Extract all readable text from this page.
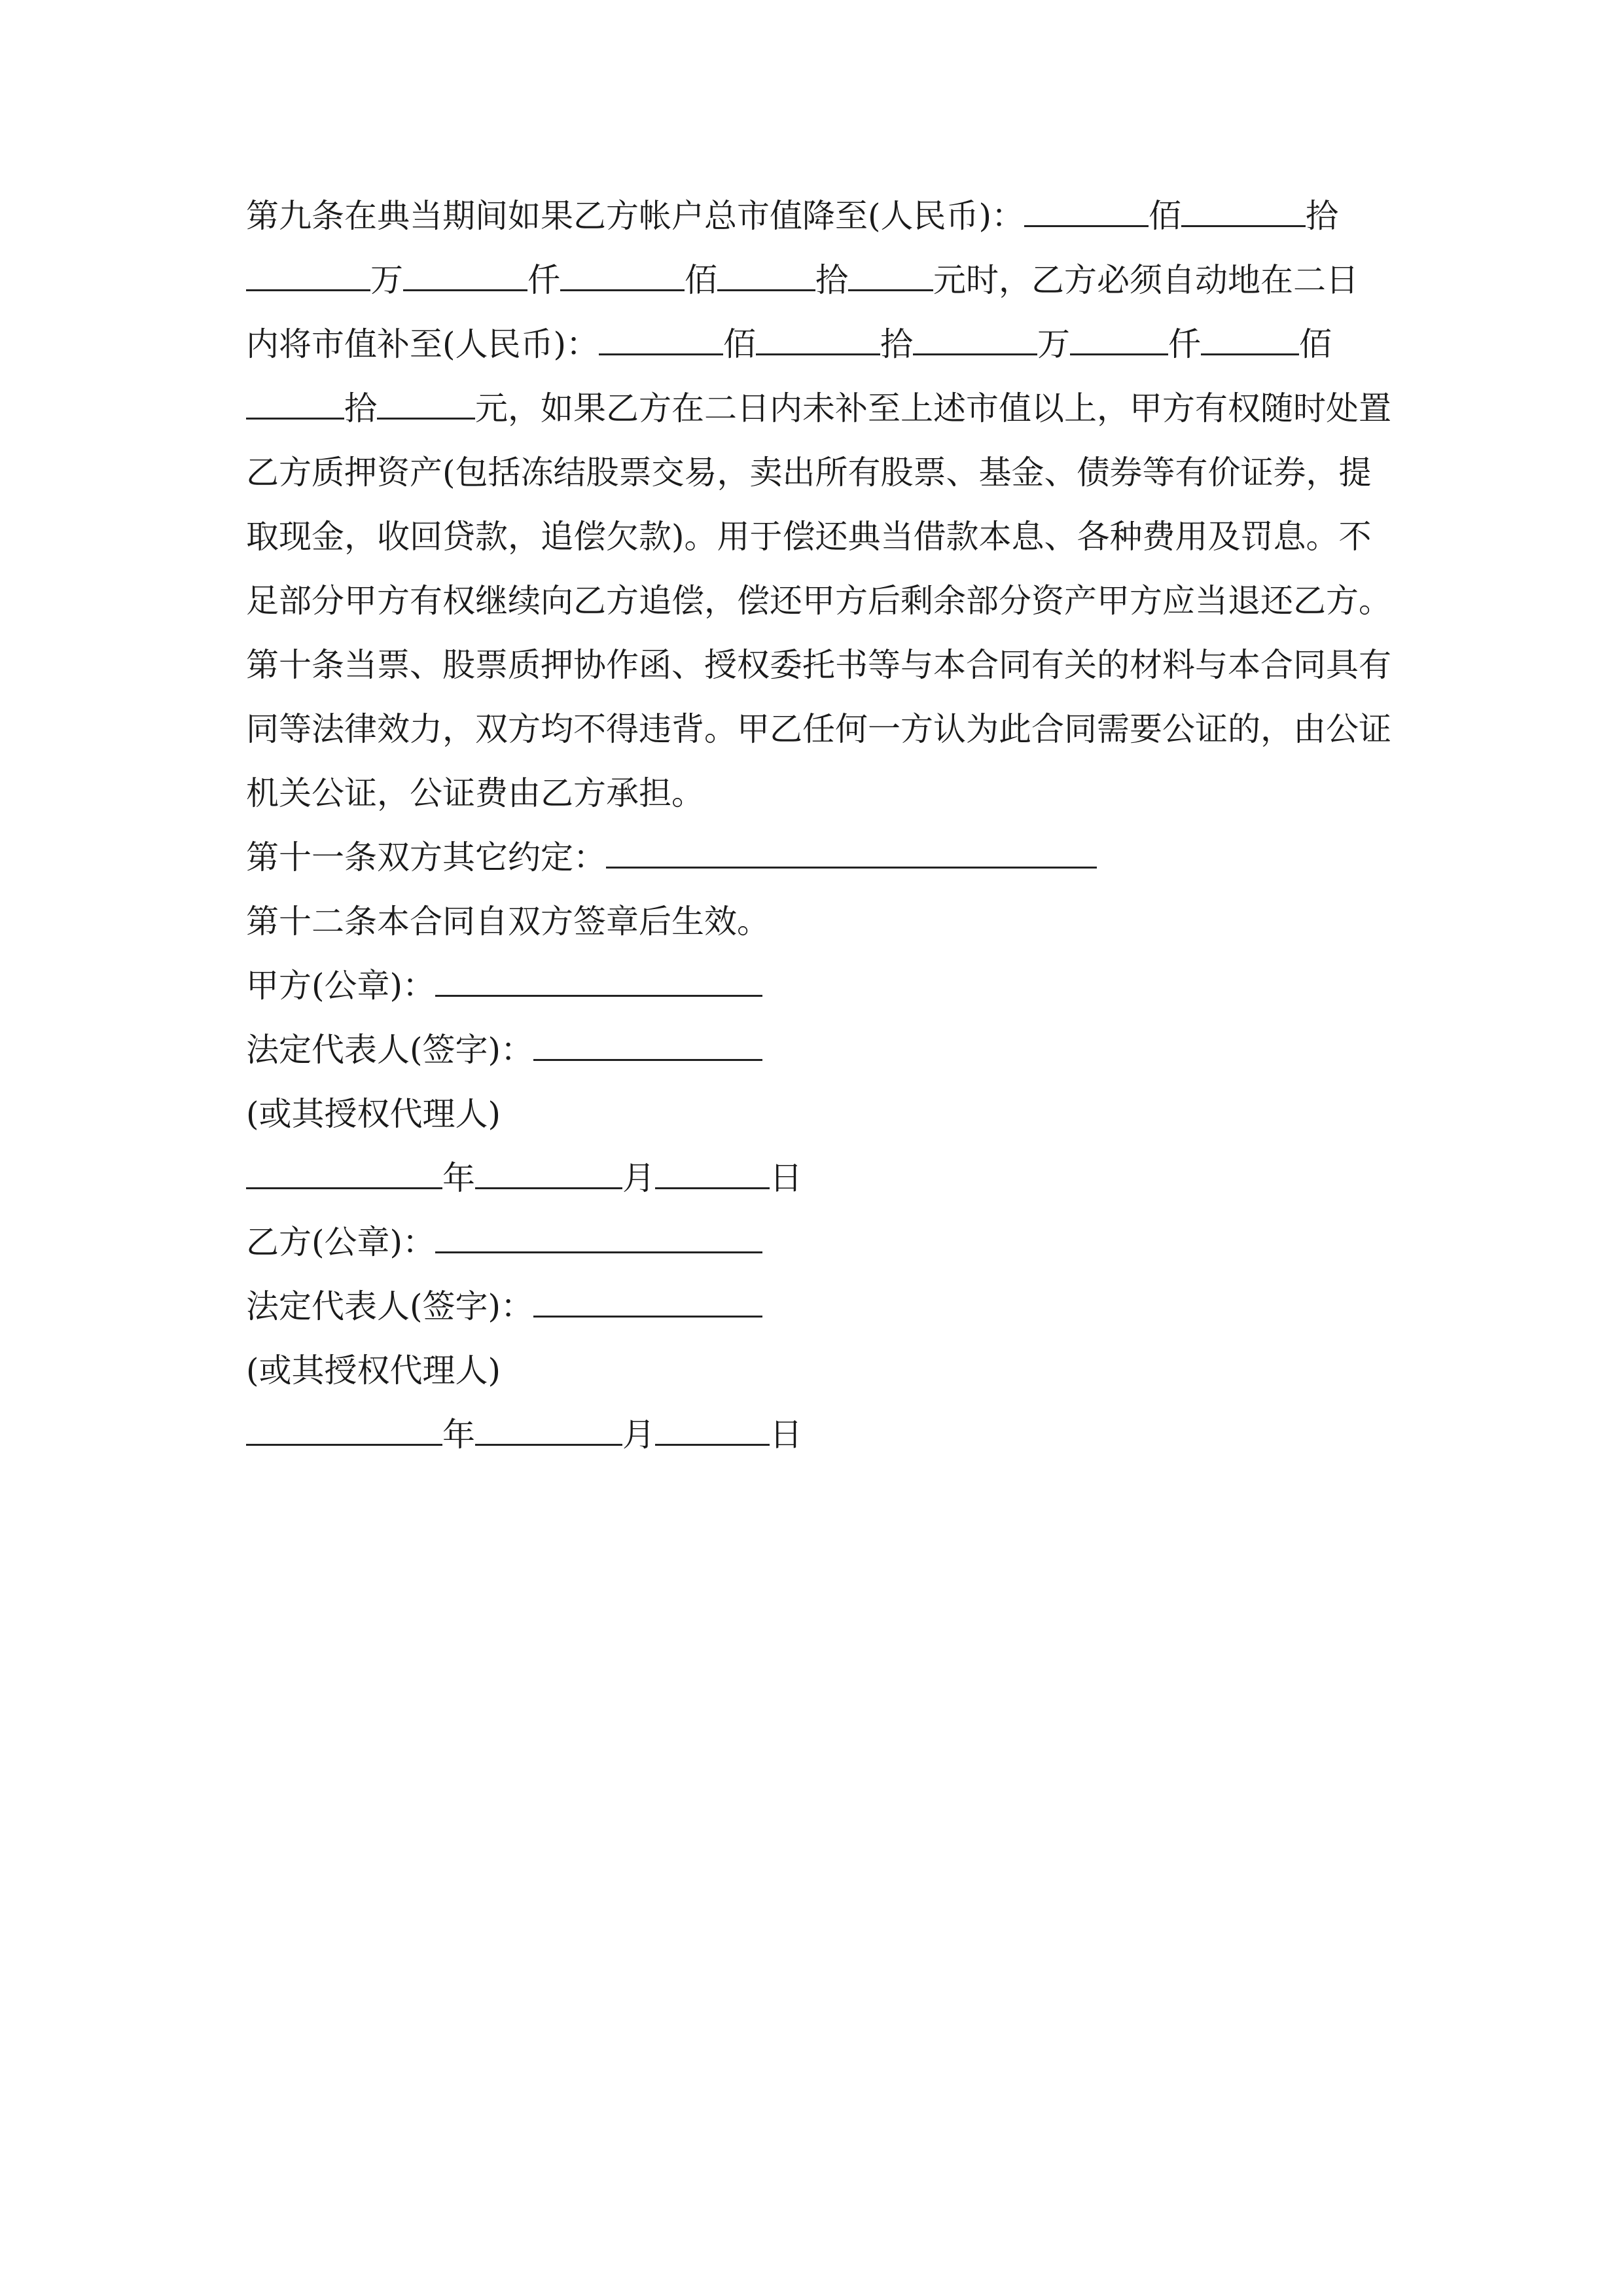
第九条在典当期间如果乙方帐户总市值降至(人民币)：	佰	拾
万	仟	佰	拾	元时，乙方必须自动地在二日
内将市值补至(人民币)：	佰	拾	万	仟	佰
拾	元，如果乙方在二日内未补至上述市值以上，甲方有权随时处置
乙方质押资产(包括冻结股票交易，卖出所有股票、基金、债券等有价证券，提
取现金，收回贷款，追偿欠款)。用于偿还典当借款本息、各种费用及罚息。不
足部分甲方有权继续向乙方追偿，偿还甲方后剩余部分资产甲方应当退还乙方。
第十条当票、股票质押协作函、授权委托书等与本合同有关的材料与本合同具有
同等法律效力，双方均不得违背。甲乙任何一方认为此合同需要公证的，由公证
机关公证，公证费由乙方承担。
第十一条双方其它约定：
第十二条本合同自双方签章后生效。
甲方(公章)：
法定代表人(签字)：
(或其授权代理人)
年	月	日
乙方(公章)：
法定代表人(签字)：
(或其授权代理人)
年	月	日
